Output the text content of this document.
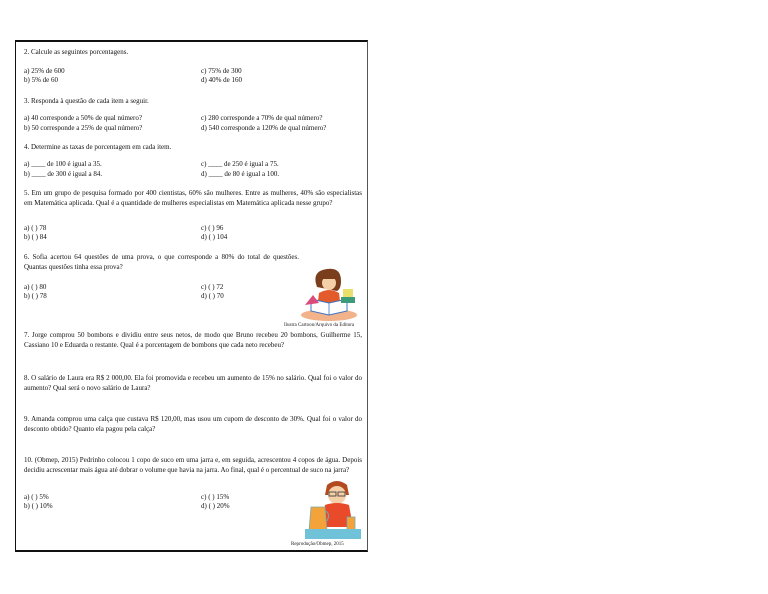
2. Calcule as seguintes porcentagens.
a) 25% de 600
b) 5% de 60
c) 75% de 300
d) 40% de 160
3. Responda à questão de cada item a seguir.
a) 40 corresponde a 50% de qual número?
b) 50 corresponde a 25% de qual número?
c) 280 corresponde a 70% de qual número?
d) 540 corresponde a 120% de qual número?
4. Determine as taxas de porcentagem em cada item.
a) ____ de 100 é igual a 35.
b) ____ de 300 é igual a 84.
c) ____ de 250 é igual a 75.
d) ____ de 80 é igual a 100.
5. Em um grupo de pesquisa formado por 400 cientistas, 60% são mulheres. Entre as mulheres, 40% são especialistas em Matemática aplicada. Qual é a quantidade de mulheres especialistas em Matemática aplicada nesse grupo?
a) ( ) 78
b) ( ) 84
c) ( ) 96
d) ( ) 104
6. Sofia acertou 64 questões de uma prova, o que corresponde a 80% do total de questões. Quantas questões tinha essa prova?
a) ( ) 80
b) ( ) 78
c) ( ) 72
d) ( ) 70
Ilustra Cartoon/Arquivo da Editora
7. Jorge comprou 50 bombons e dividiu entre seus netos, de modo que Bruno recebeu 20 bombons, Guilherme 15, Cassiano 10 e Eduarda o restante. Qual é a porcentagem de bombons que cada neto recebeu?
8. O salário de Laura era R$ 2 000,00. Ela foi promovida e recebeu um aumento de 15% no salário. Qual foi o valor do aumento? Qual será o novo salário de Laura?
9. Amanda comprou uma calça que custava R$ 120,00, mas usou um cupom de desconto de 30%. Qual foi o valor do desconto obtido? Quanto ela pagou pela calça?
10. (Obmep, 2015) Pedrinho colocou 1 copo de suco em uma jarra e, em seguida, acrescentou 4 copos de água. Depois decidiu acrescentar mais água até dobrar o volume que havia na jarra. Ao final, qual é o percentual de suco na jarra?
a) ( ) 5%
b) ( ) 10%
c) ( ) 15%
d) ( ) 20%
Reprodução/Obmep, 2015
